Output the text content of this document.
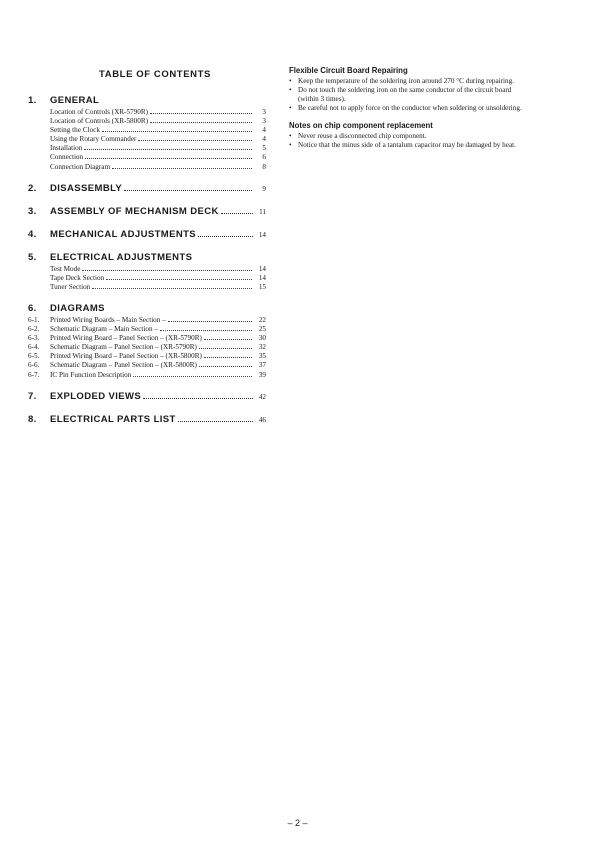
TABLE OF CONTENTS
1.	GENERAL
Location of Controls (XR-5790R)	3
Location of Controls (XR-5800R)	3
Setting the Clock	4
Using the Rotary Commander	4
Installation	5
Connection	6
Connection Diagram	8
2.	DISASSEMBLY	9
3.	ASSEMBLY OF MECHANISM DECK	11
4.	MECHANICAL ADJUSTMENTS	14
5.	ELECTRICAL ADJUSTMENTS
Test Mode	14
Tape Deck Section	14
Tuner Section	15
6.	DIAGRAMS
6-1.	Printed Wiring Boards – Main Section –	22
6-2.	Schematic Diagram – Main Section –	25
6-3.	Printed Wiring Board – Panel Section – (XR-5790R)	30
6-4.	Schematic Diagram – Panel Section – (XR-5790R)	32
6-5.	Printed Wiring Board – Panel Section – (XR-5800R)	35
6-6.	Schematic Diagram – Panel Section – (XR-5800R)	37
6-7.	IC Pin Function Description	39
7.	EXPLODED VIEWS	42
8.	ELECTRICAL PARTS LIST	46
Flexible Circuit Board Repairing
• Keep the temperature of the soldering iron around 270 °C during repairing.
• Do not touch the soldering iron on the same conductor of the circuit board (within 3 times).
• Be careful not to apply force on the conductor when soldering or unsoldering.
Notes on chip component replacement
• Never reuse a disconnected chip component.
• Notice that the minus side of a tantalum capacitor may be damaged by heat.
– 2 –
